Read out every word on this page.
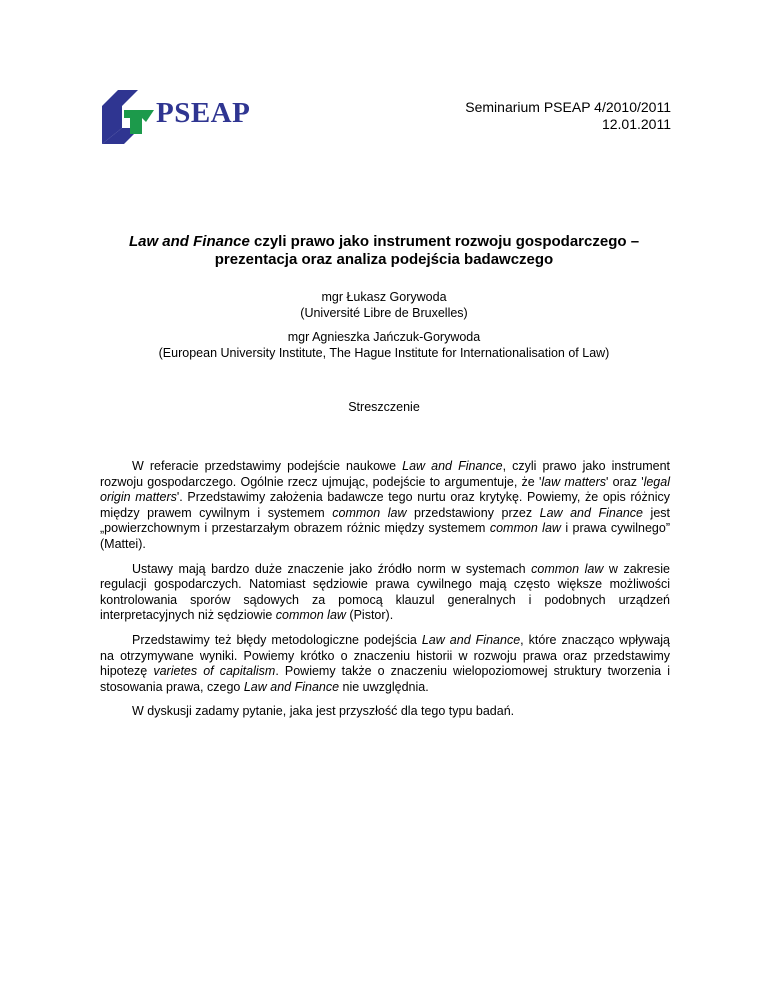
PSEAP	Seminarium PSEAP 4/2010/2011
12.01.2011
Law and Finance czyli prawo jako instrument rozwoju gospodarczego –
prezentacja oraz analiza podejścia badawczego
mgr Łukasz Gorywoda
(Université Libre de Bruxelles)
mgr Agnieszka Jańczuk-Gorywoda
(European University Institute, The Hague Institute for Internationalisation of Law)
Streszczenie

W referacie przedstawimy podejście naukowe Law and Finance, czyli prawo jako instrument rozwoju gospodarczego. Ogólnie rzecz ujmując, podejście to argumentuje, że 'law matters' oraz 'legal origin matters'. Przedstawimy założenia badawcze tego nurtu oraz krytykę. Powiemy, że opis różnicy między prawem cywilnym i systemem common law przedstawiony przez Law and Finance jest „powierzchownym i przestarzałym obrazem różnic między systemem common law i prawa cywilnego” (Mattei).

Ustawy mają bardzo duże znaczenie jako źródło norm w systemach common law w zakresie regulacji gospodarczych. Natomiast sędziowie prawa cywilnego mają często większe możliwości kontrolowania sporów sądowych za pomocą klauzul generalnych i podobnych urządzeń interpretacyjnych niż sędziowie common law (Pistor).

Przedstawimy też błędy metodologiczne podejścia Law and Finance, które znacząco wpływają na otrzymywane wyniki. Powiemy krótko o znaczeniu historii w rozwoju prawa oraz przedstawimy hipotezę varietes of capitalism. Powiemy także o znaczeniu wielopoziomowej struktury tworzenia i stosowania prawa, czego Law and Finance nie uwzględnia.

W dyskusji zadamy pytanie, jaka jest przyszłość dla tego typu badań.
